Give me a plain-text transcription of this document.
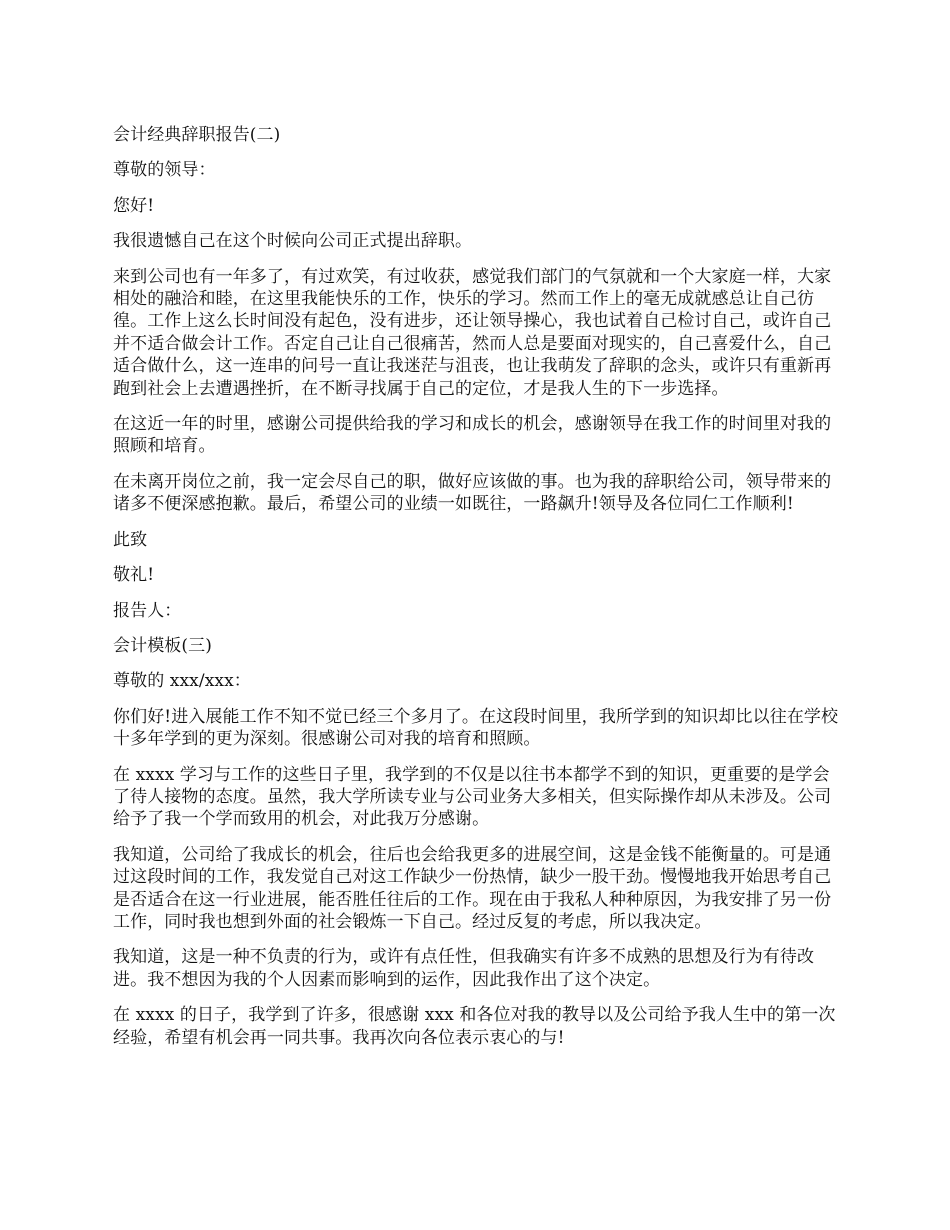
会计经典辞职报告(二)

尊敬的领导：

您好!

我很遗憾自己在这个时候向公司正式提出辞职。

来到公司也有一年多了，有过欢笑，有过收获，感觉我们部门的气氛就和一个大家庭一样，大家相处的融洽和睦，在这里我能快乐的工作，快乐的学习。然而工作上的毫无成就感总让自己彷徨。工作上这么长时间没有起色，没有进步，还让领导操心，我也试着自己检讨自己，或许自己并不适合做会计工作。否定自己让自己很痛苦，然而人总是要面对现实的，自己喜爱什么，自己适合做什么，这一连串的问号一直让我迷茫与沮丧，也让我萌发了辞职的念头，或许只有重新再跑到社会上去遭遇挫折，在不断寻找属于自己的定位，才是我人生的下一步选择。

在这近一年的时里，感谢公司提供给我的学习和成长的机会，感谢领导在我工作的时间里对我的照顾和培育。

在未离开岗位之前，我一定会尽自己的职，做好应该做的事。也为我的辞职给公司，领导带来的诸多不便深感抱歉。最后，希望公司的业绩一如既往，一路飙升!领导及各位同仁工作顺利!

此致

敬礼!

报告人：

会计模板(三)

尊敬的 xxx/xxx：

你们好!进入展能工作不知不觉已经三个多月了。在这段时间里，我所学到的知识却比以往在学校十多年学到的更为深刻。很感谢公司对我的培育和照顾。

在 xxxx 学习与工作的这些日子里，我学到的不仅是以往书本都学不到的知识，更重要的是学会了待人接物的态度。虽然，我大学所读专业与公司业务大多相关，但实际操作却从未涉及。公司给予了我一个学而致用的机会，对此我万分感谢。

我知道，公司给了我成长的机会，往后也会给我更多的进展空间，这是金钱不能衡量的。可是通过这段时间的工作，我发觉自己对这工作缺少一份热情，缺少一股干劲。慢慢地我开始思考自己是否适合在这一行业进展，能否胜任往后的工作。现在由于我私人种种原因，为我安排了另一份工作，同时我也想到外面的社会锻炼一下自己。经过反复的考虑，所以我决定。

我知道，这是一种不负责的行为，或许有点任性，但我确实有许多不成熟的思想及行为有待改进。我不想因为我的个人因素而影响到的运作，因此我作出了这个决定。

在 xxxx 的日子，我学到了许多，很感谢 xxx 和各位对我的教导以及公司给予我人生中的第一次经验，希望有机会再一同共事。我再次向各位表示衷心的与!
